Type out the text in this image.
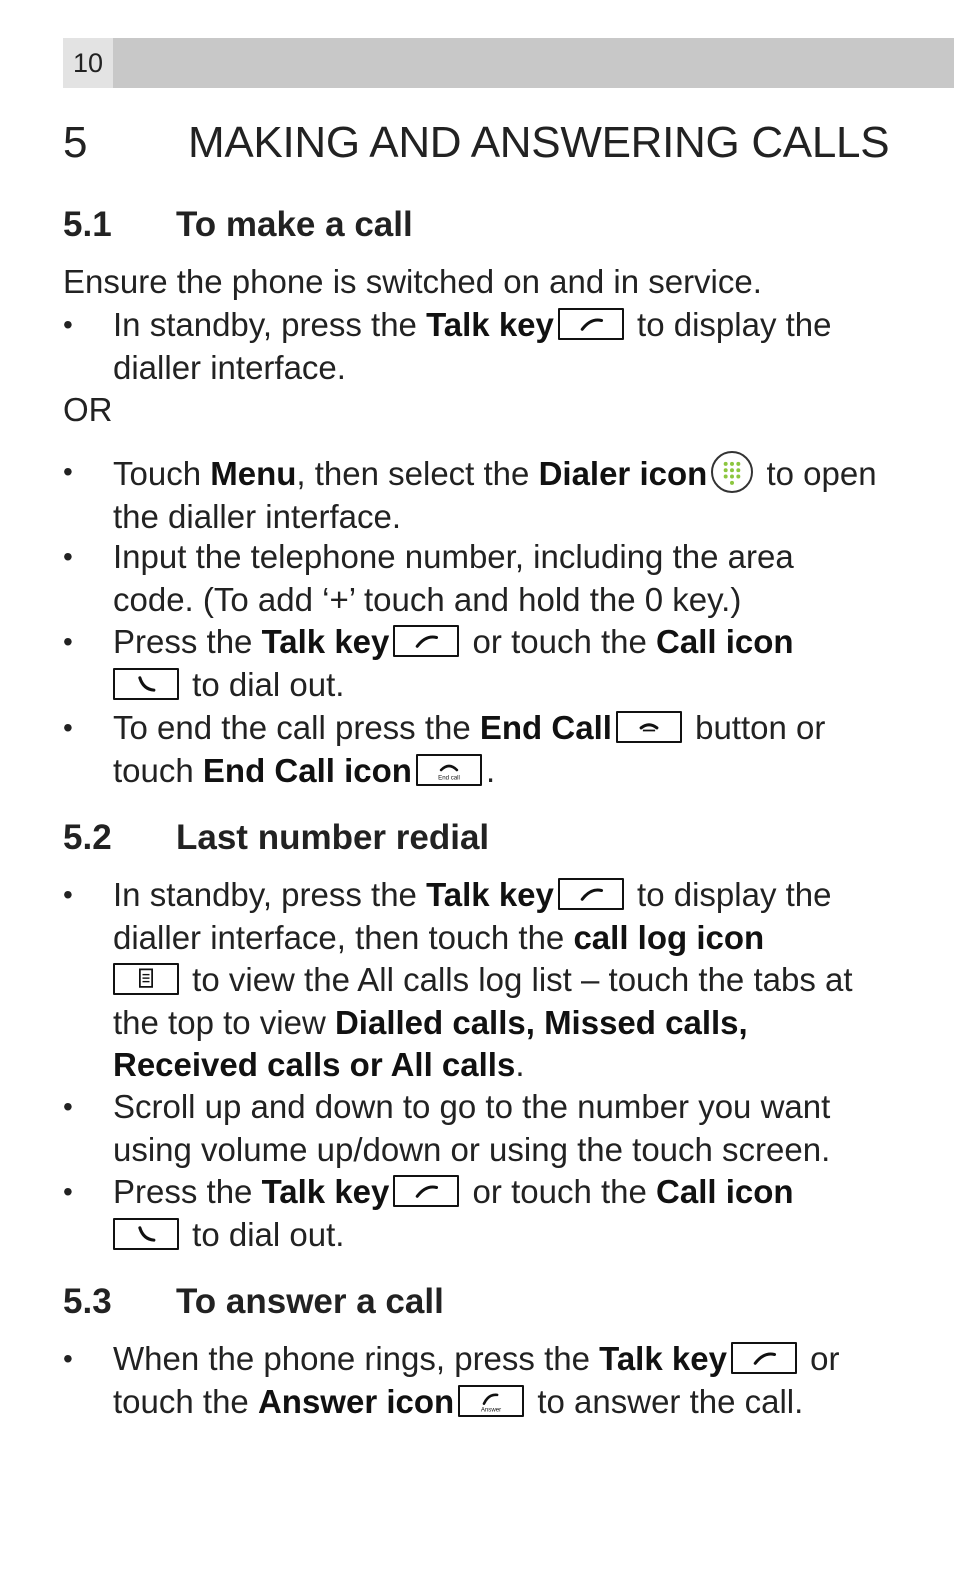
10
5 MAKING AND ANSWERING CALLS
5.1 To make a call
Ensure the phone is switched on and in service.
•	In standby, press the Talk key
to display the dialler interface.
OR
•	Touch Menu, then select the Dialer icon
to open the dialler interface.
•	Input the telephone number, including the area code. (To add ‘+’ touch and hold the 0 key.)
•	Press the Talk key
or touch the Call icon

to dial out.
•	To end the call press the End Call
button or touch End Call icon	End call .
5.2 Last number redial
•	In standby, press the Talk key
to display the dialler interface, then touch the call log icon

to view the All calls log list – touch the tabs at the top to view Dialled calls, Missed calls, Received calls or All calls.
•	Scroll up and down to go to the number you want using volume up/down or using the touch screen.
•	Press the Talk key
or touch the Call icon

to dial out.
5.3 To answer a call
•	When the phone rings, press the Talk key
or touch the Answer icon	Answer to answer the call.
